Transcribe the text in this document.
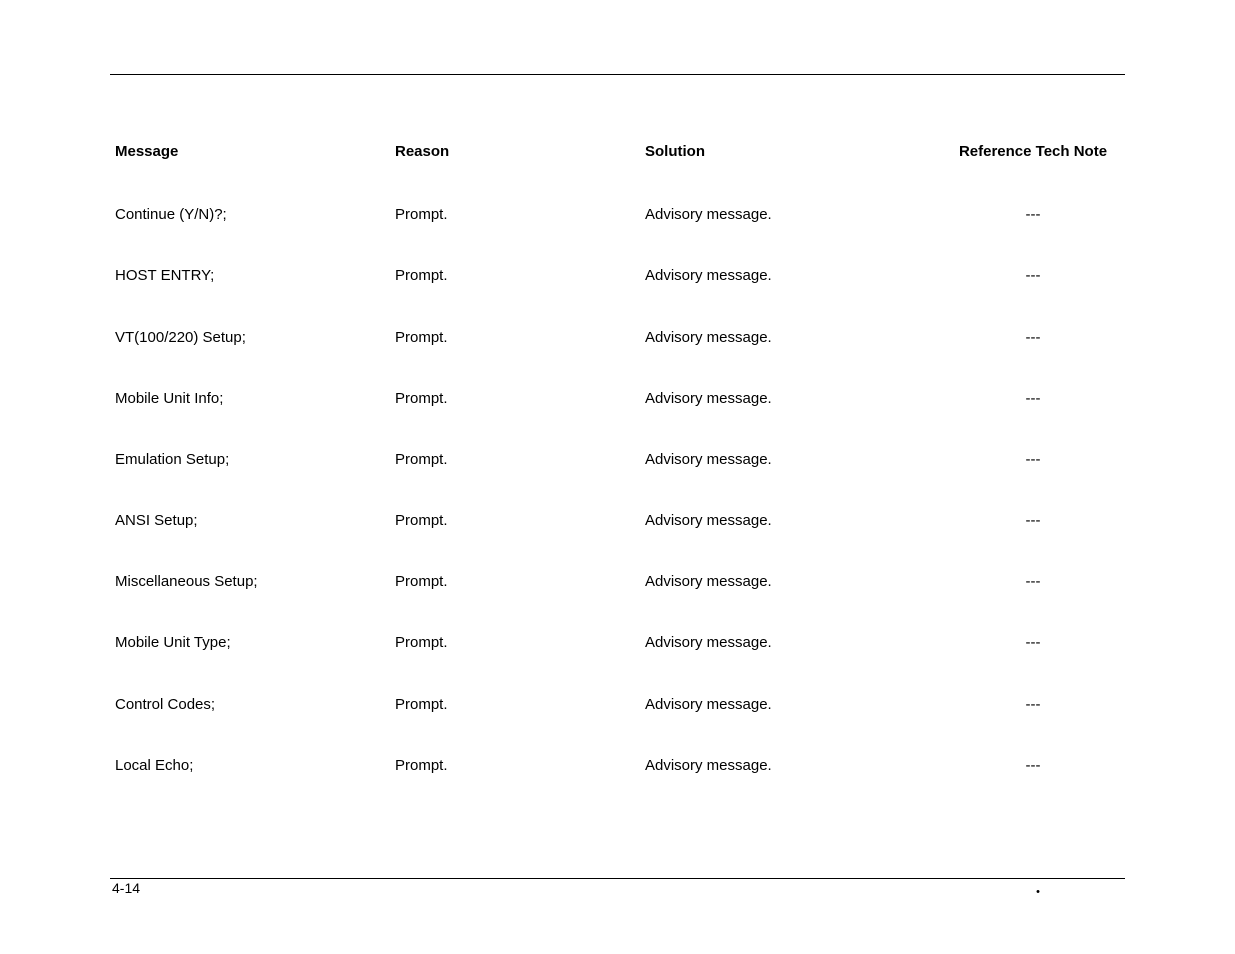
Message	Reason	Solution	Reference Tech Note
Continue (Y/N)?;	Prompt.	Advisory message.	---
HOST ENTRY;	Prompt.	Advisory message.	---
VT(100/220) Setup;	Prompt.	Advisory message.	---
Mobile Unit Info;	Prompt.	Advisory message.	---
Emulation Setup;	Prompt.	Advisory message.	---
ANSI Setup;	Prompt.	Advisory message.	---
Miscellaneous Setup;	Prompt.	Advisory message.	---
Mobile Unit Type;	Prompt.	Advisory message.	---
Control Codes;	Prompt.	Advisory message.	---
Local Echo;	Prompt.	Advisory message.	---
4-14	•
